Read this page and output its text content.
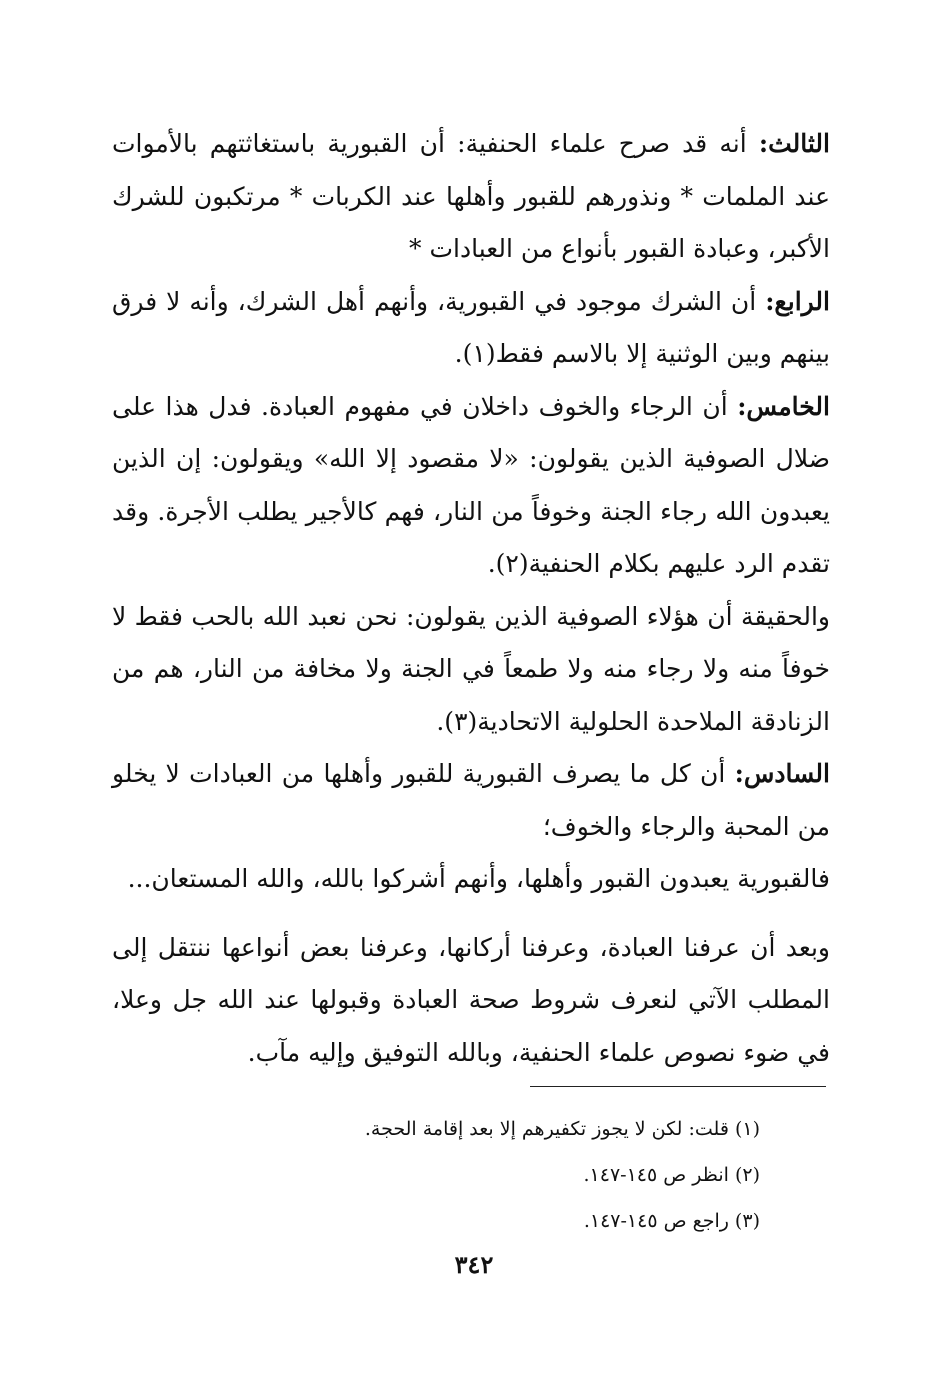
الثالث: أنه قد صرح علماء الحنفية: أن القبورية باستغاثتهم بالأموات عند الملمات * ونذورهم للقبور وأهلها عند الكربات * مرتكبون للشرك الأكبر، وعبادة القبور بأنواع من العبادات *

الرابع: أن الشرك موجود في القبورية، وأنهم أهل الشرك، وأنه لا فرق بينهم وبين الوثنية إلا بالاسم فقط(١).

الخامس: أن الرجاء والخوف داخلان في مفهوم العبادة. فدل هذا على ضلال الصوفية الذين يقولون: «لا مقصود إلا الله» ويقولون: إن الذين يعبدون الله رجاء الجنة وخوفاً من النار، فهم كالأجير يطلب الأجرة. وقد تقدم الرد عليهم بكلام الحنفية(٢).

والحقيقة أن هؤلاء الصوفية الذين يقولون: نحن نعبد الله بالحب فقط لا خوفاً منه ولا رجاء منه ولا طمعاً في الجنة ولا مخافة من النار، هم من الزنادقة الملاحدة الحلولية الاتحادية(٣).

السادس: أن كل ما يصرف القبورية للقبور وأهلها من العبادات لا يخلو من المحبة والرجاء والخوف؛

فالقبورية يعبدون القبور وأهلها، وأنهم أشركوا بالله، والله المستعان...

وبعد أن عرفنا العبادة، وعرفنا أركانها، وعرفنا بعض أنواعها ننتقل إلى المطلب الآتي لنعرف شروط صحة العبادة وقبولها عند الله جل وعلا، في ضوء نصوص علماء الحنفية، وبالله التوفيق وإليه مآب.

(١) قلت: لكن لا يجوز تكفيرهم إلا بعد إقامة الحجة.

(٢) انظر ص ١٤٥-١٤٧.

(٣) راجع ص ١٤٥-١٤٧.

٣٤٢
